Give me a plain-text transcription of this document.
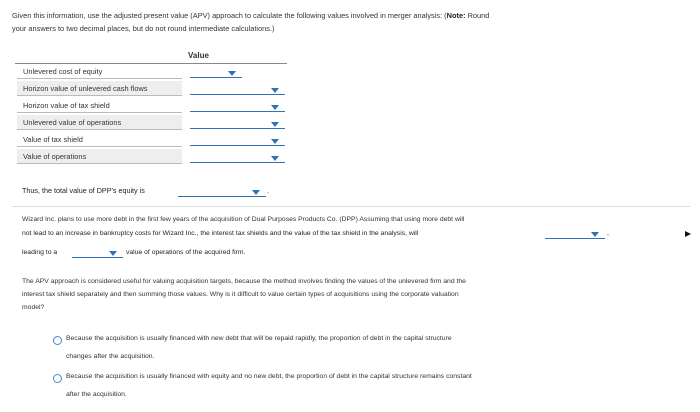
Given this information, use the adjusted present value (APV) approach to calculate the following values involved in merger analysis: (Note: Round
your answers to two decimal places, but do not round intermediate calculations.)
Value
Unlevered cost of equity
Horizon value of unlevered cash flows
Horizon value of tax shield
Unlevered value of operations
Value of tax shield
Value of operations
Thus, the total value of DPP's equity is	.
Wizard Inc. plans to use more debt in the first few years of the acquisition of Dual Purposes Products Co. (DPP) Assuming that using more debt will
not lead to an increase in bankruptcy costs for Wizard Inc., the interest tax shields and the value of the tax shield in the analysis, will	,
leading to a	value of operations of the acquired firm.
The APV approach is considered useful for valuing acquisition targets, because the method involves finding the values of the unlevered firm and the
interest tax shield separately and then summing those values. Why is it difficult to value certain types of acquisitions using the corporate valuation
model?
Because the acquisition is usually financed with new debt that will be repaid rapidly, the proportion of debt in the capital structure
changes after the acquisition.
Because the acquisition is usually financed with equity and no new debt, the proportion of debt in the capital structure remains constant
after the acquisition.
